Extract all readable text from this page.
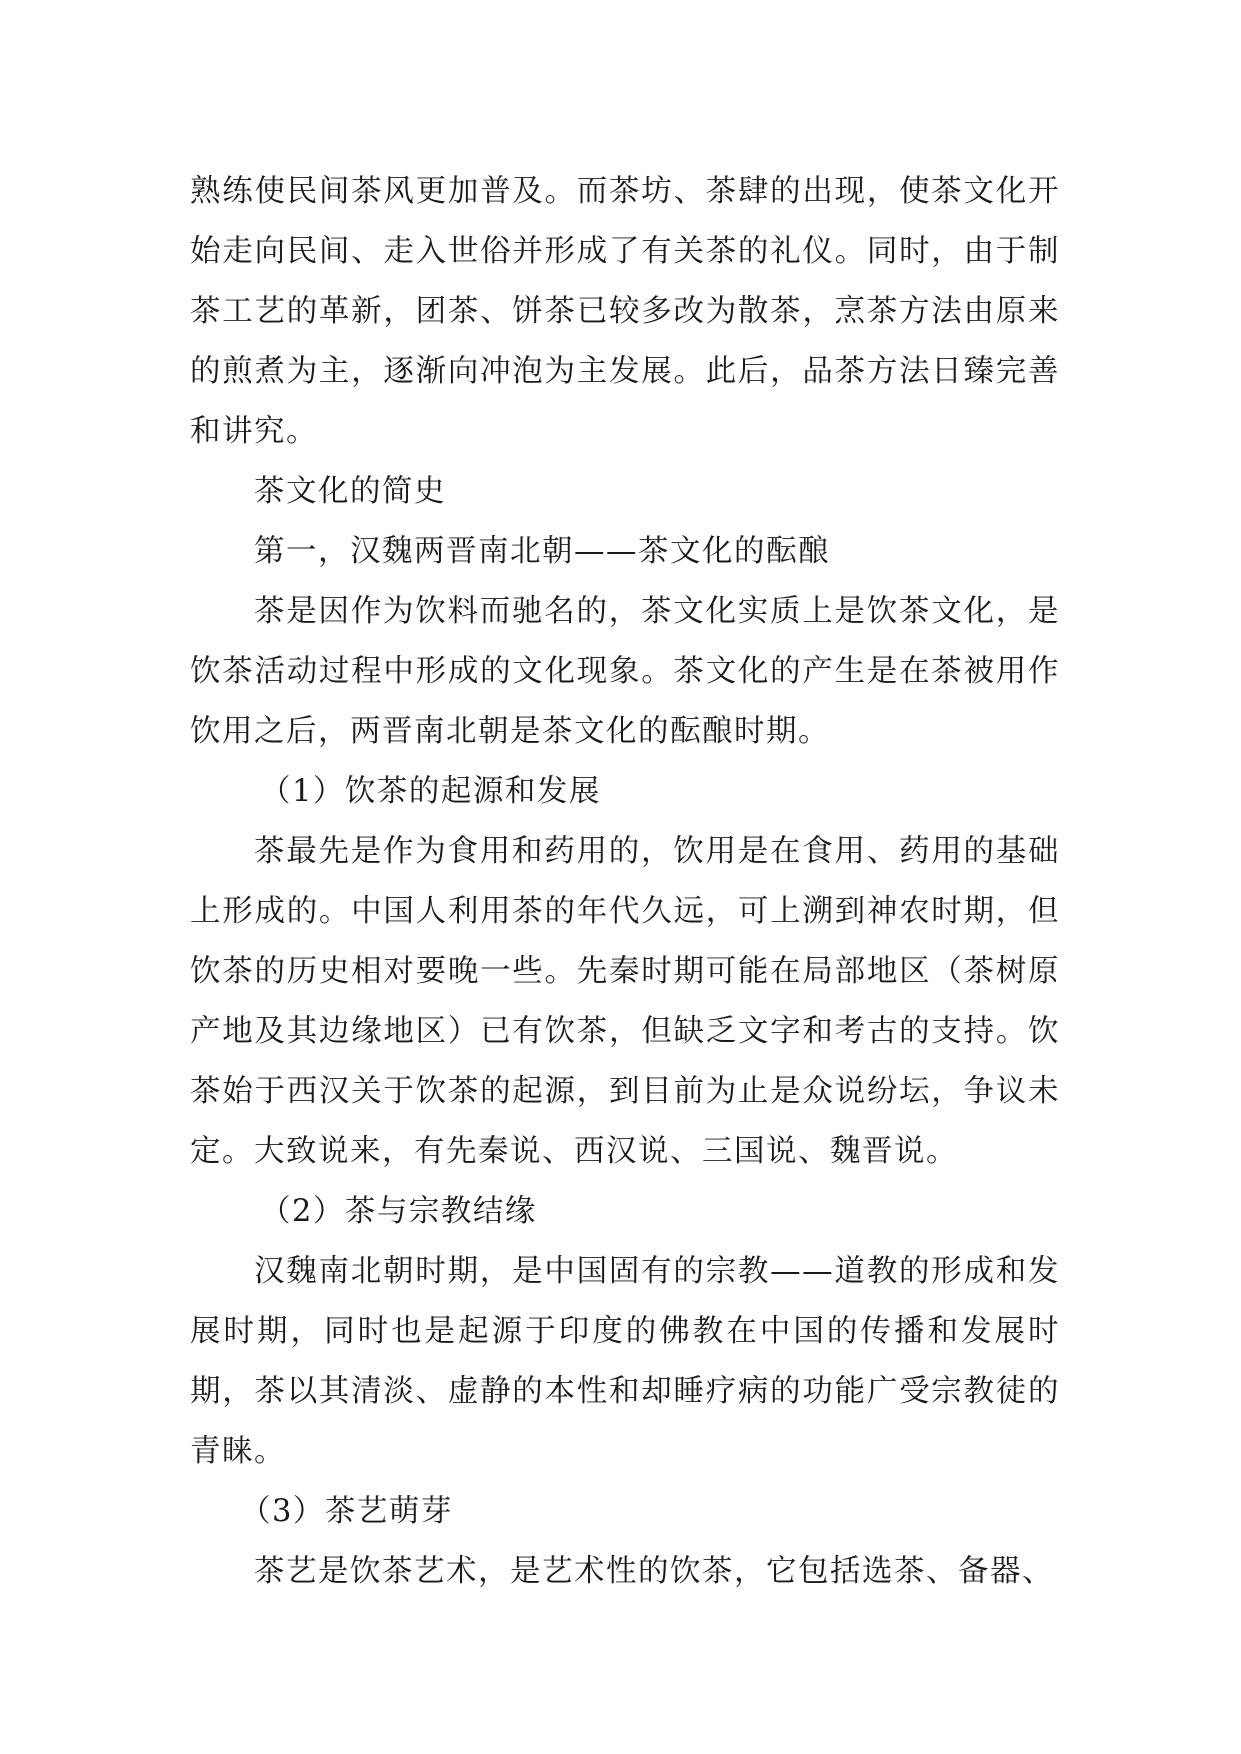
熟练使民间茶风更加普及。而茶坊、茶肆的出现，使茶文化开始走向民间、走入世俗并形成了有关茶的礼仪。同时，由于制茶工艺的革新，团茶、饼茶已较多改为散茶，烹茶方法由原来的煎煮为主，逐渐向冲泡为主发展。此后，品茶方法日臻完善和讲究。

茶文化的简史

第一，汉魏两晋南北朝——茶文化的酝酿

茶是因作为饮料而驰名的，茶文化实质上是饮茶文化，是饮茶活动过程中形成的文化现象。茶文化的产生是在茶被用作饮用之后，两晋南北朝是茶文化的酝酿时期。

（1）饮茶的起源和发展

茶最先是作为食用和药用的，饮用是在食用、药用的基础上形成的。中国人利用茶的年代久远，可上溯到神农时期，但饮茶的历史相对要晚一些。先秦时期可能在局部地区（茶树原产地及其边缘地区）已有饮茶，但缺乏文字和考古的支持。饮茶始于西汉关于饮茶的起源，到目前为止是众说纷坛，争议未定。大致说来，有先秦说、西汉说、三国说、魏晋说。

（2）茶与宗教结缘

汉魏南北朝时期，是中国固有的宗教——道教的形成和发展时期，同时也是起源于印度的佛教在中国的传播和发展时期，茶以其清淡、虚静的本性和却睡疗病的功能广受宗教徒的青睐。

（3）茶艺萌芽

茶艺是饮茶艺术，是艺术性的饮茶，它包括选茶、备器、
